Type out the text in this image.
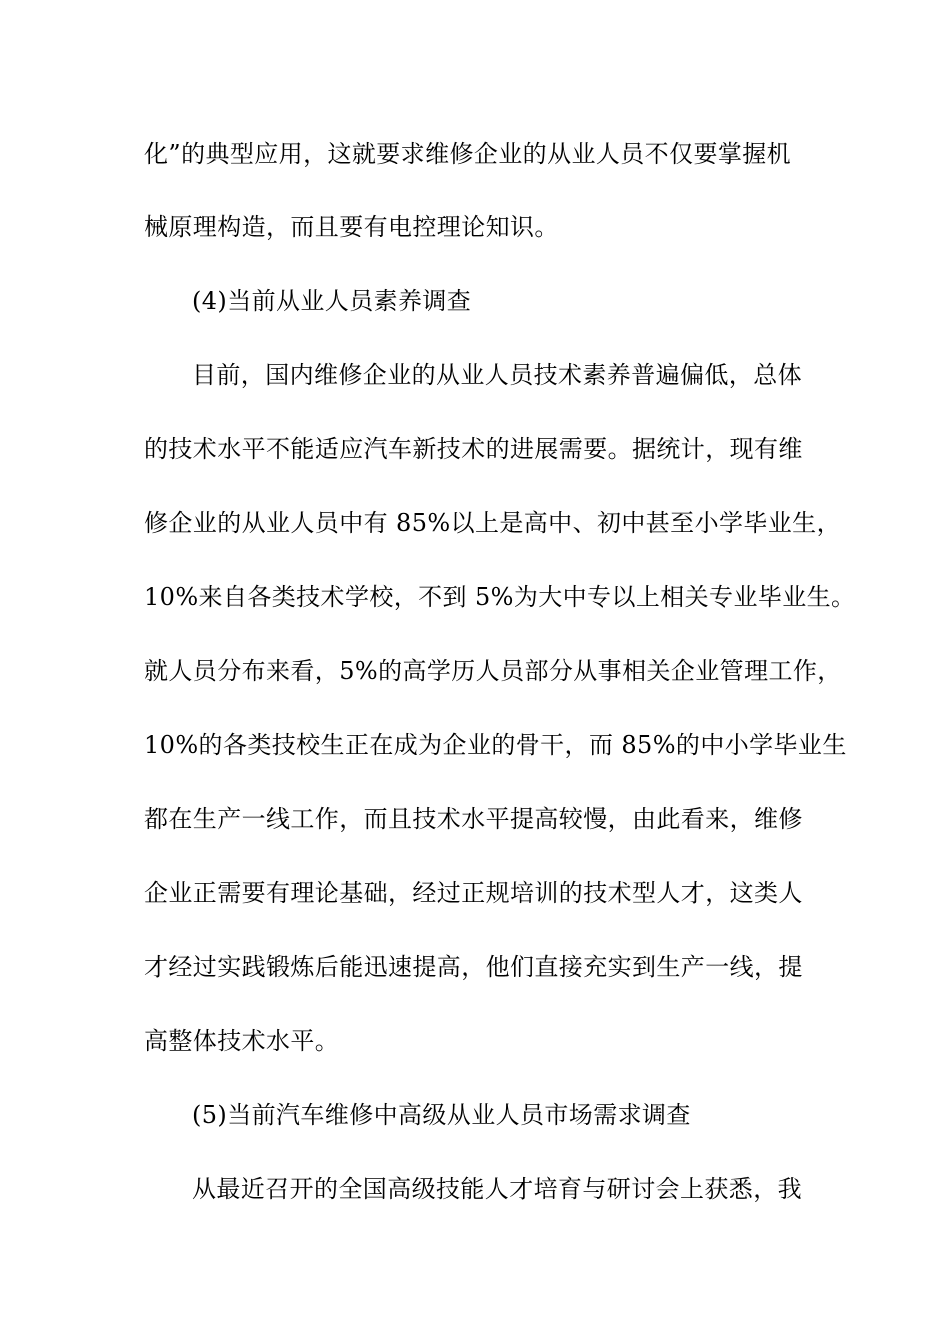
化”的典型应用，这就要求维修企业的从业人员不仅要掌握机
械原理构造，而且要有电控理论知识。
(4)当前从业人员素养调查
目前，国内维修企业的从业人员技术素养普遍偏低，总体
的技术水平不能适应汽车新技术的进展需要。据统计，现有维
修企业的从业人员中有 85%以上是高中、初中甚至小学毕业生，
10%来自各类技术学校，不到 5%为大中专以上相关专业毕业生。
就人员分布来看，5%的高学历人员部分从事相关企业管理工作，
10%的各类技校生正在成为企业的骨干，而 85%的中小学毕业生
都在生产一线工作，而且技术水平提高较慢，由此看来，维修
企业正需要有理论基础，经过正规培训的技术型人才，这类人
才经过实践锻炼后能迅速提高，他们直接充实到生产一线，提
高整体技术水平。
(5)当前汽车维修中高级从业人员市场需求调查
从最近召开的全国高级技能人才培育与研讨会上获悉，我
